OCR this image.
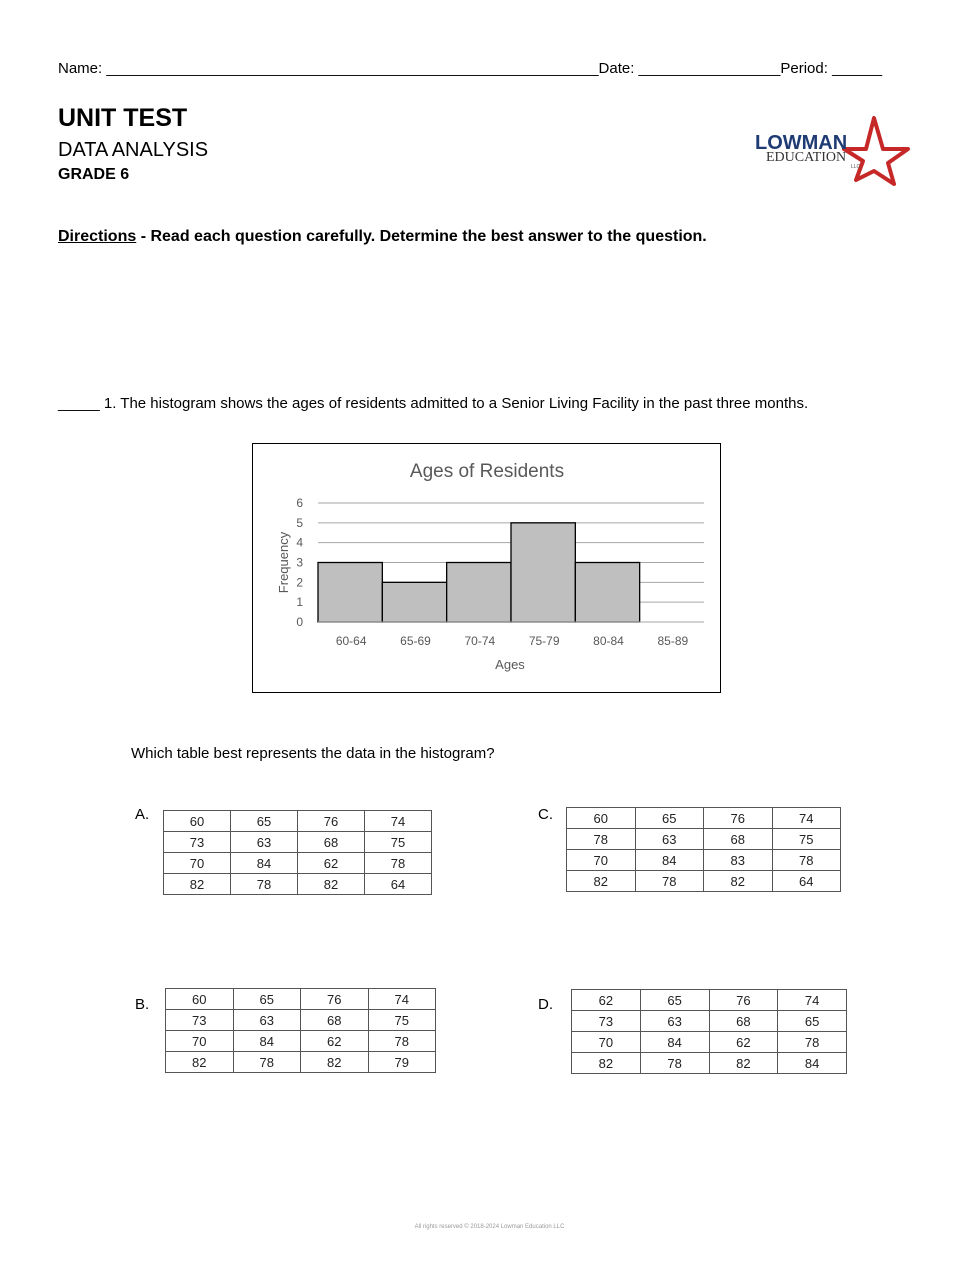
Name: ___________________________________________________________Date: _________________Period: ______
UNIT TEST
DATA ANALYSIS
GRADE 6
LOWMAN
EDUCATION
LLC
Directions - Read each question carefully. Determine the best answer to the question.
_____ 1. The histogram shows the ages of residents admitted to a Senior Living Facility in the past three months.
Ages of Residents
0
1
2
3
4
5
6
60-64	65-69	70-74	75-79	80-84	85-89
Ages
Frequency
Which table best represents the data in the histogram?
A.	60	65	76	74
73	63	68	75
70	84	62	78
82	78	82	64
C.	60	65	76	74
78	63	68	75
70	84	83	78
82	78	82	64
B.	60	65	76	74
73	63	68	75
70	84	62	78
82	78	82	79
D.	62	65	76	74
73	63	68	65
70	84	62	78
82	78	82	84
All rights reserved © 2018-2024 Lowman Education LLC
